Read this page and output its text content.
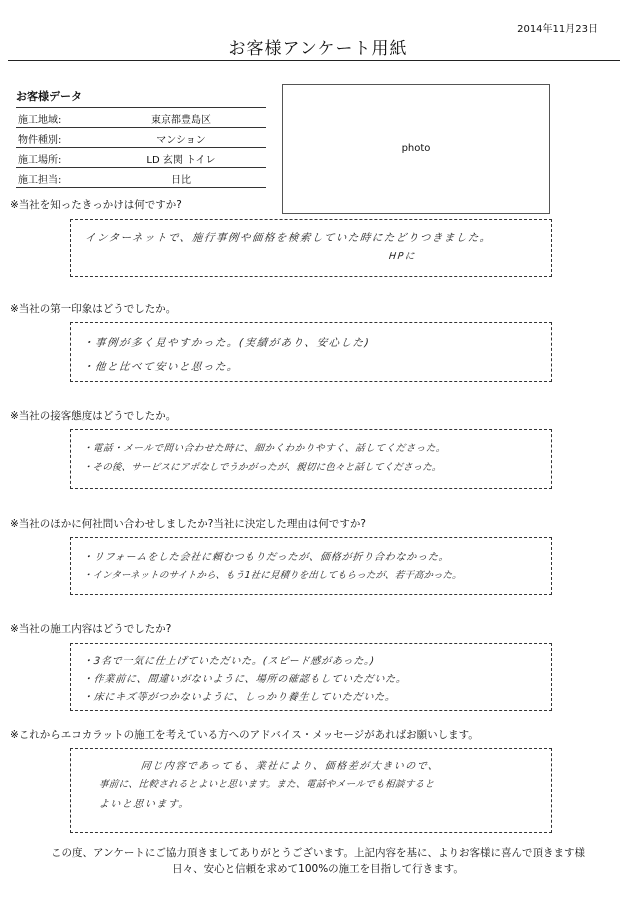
2014年11月23日
お客様アンケート用紙
お客様データ
施工地域:	東京都豊島区
物件種別:	マンション
施工場所:	LD 玄関 トイレ
施工担当:	日比
photo
※当社を知ったきっかけは何ですか?
インターネットで、施行事例や価格を検索していた時にたどりつきました。
HPに
※当社の第一印象はどうでしたか。
・事例が多く見やすかった。(実績があり、安心した)
・他と比べて安いと思った。
※当社の接客態度はどうでしたか。
・電話・メールで問い合わせた時に、細かくわかりやすく、話してくださった。
・その後、サービスにアポなしでうかがったが、親切に色々と話してくださった。
※当社のほかに何社問い合わせしましたか?当社に決定した理由は何ですか?
・リフォームをした会社に頼むつもりだったが、価格が折り合わなかった。
・インターネットのサイトから、もう1社に見積りを出してもらったが、若干高かった。
※当社の施工内容はどうでしたか?
・3名で一気に仕上げていただいた。(スピード感があった。)
・作業前に、間違いがないように、場所の確認もしていただいた。
・床にキズ等がつかないように、しっかり養生していただいた。
※これからエコカラットの施工を考えている方へのアドバイス・メッセージがあればお願いします。
同じ内容であっても、業社により、価格差が大きいので、
事前に、比較されるとよいと思います。また、電話やメールでも相談すると
よいと思います。
この度、アンケートにご協力頂きましてありがとうございます。上記内容を基に、よりお客様に喜んで頂きます様
日々、安心と信頼を求めて100%の施工を目指して行きます。
